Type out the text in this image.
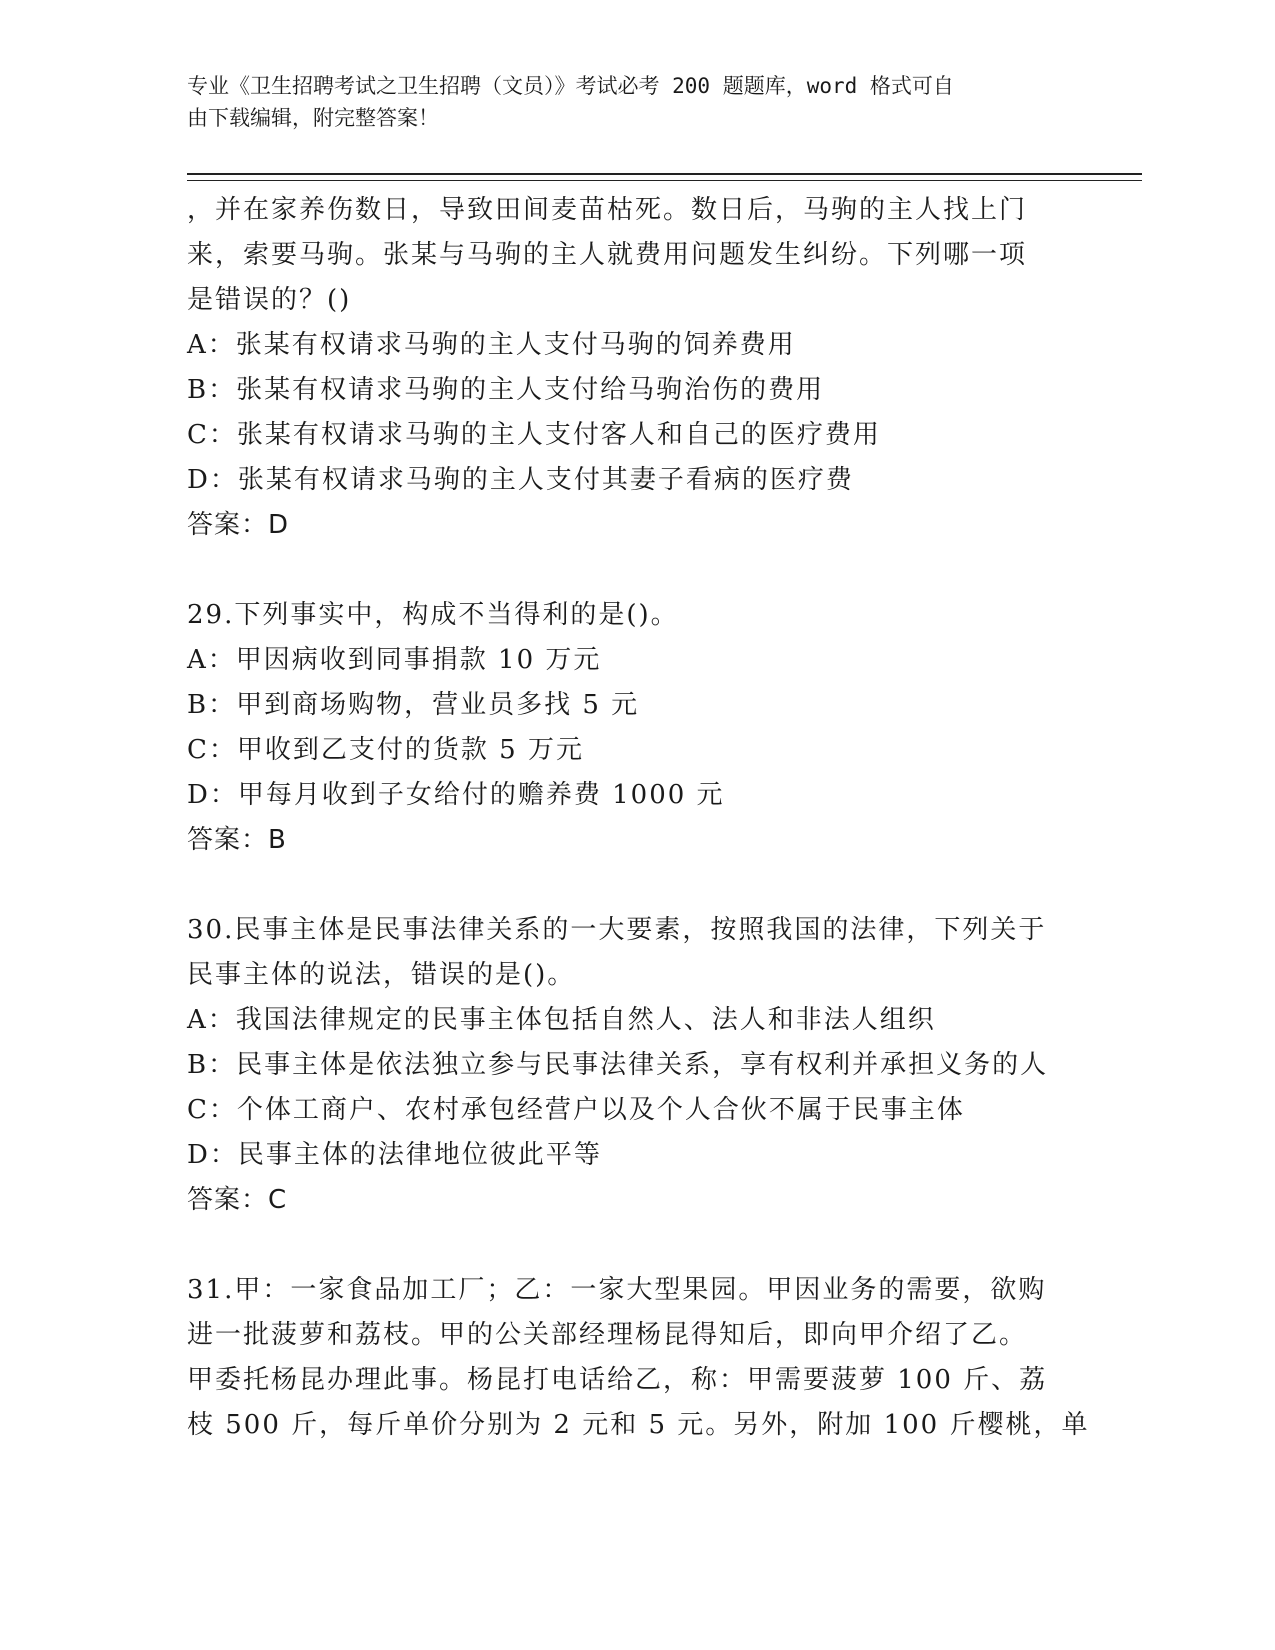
专业《卫生招聘考试之卫生招聘（文员）》考试必考 200 题题库，word 格式可自
由下载编辑，附完整答案！
，并在家养伤数日，导致田间麦苗枯死。数日后，马驹的主人找上门
来，索要马驹。张某与马驹的主人就费用问题发生纠纷。下列哪一项
是错误的？()
A：张某有权请求马驹的主人支付马驹的饲养费用
B：张某有权请求马驹的主人支付给马驹治伤的费用
C：张某有权请求马驹的主人支付客人和自己的医疗费用
D：张某有权请求马驹的主人支付其妻子看病的医疗费
答案：D
29.下列事实中，构成不当得利的是()。
A：甲因病收到同事捐款 10 万元
B：甲到商场购物，营业员多找 5 元
C：甲收到乙支付的货款 5 万元
D：甲每月收到子女给付的赡养费 1000 元
答案：B
30.民事主体是民事法律关系的一大要素，按照我国的法律，下列关于
民事主体的说法，错误的是()。
A：我国法律规定的民事主体包括自然人、法人和非法人组织
B：民事主体是依法独立参与民事法律关系，享有权利并承担义务的人
C：个体工商户、农村承包经营户以及个人合伙不属于民事主体
D：民事主体的法律地位彼此平等
答案：C
31.甲：一家食品加工厂；乙：一家大型果园。甲因业务的需要，欲购
进一批菠萝和荔枝。甲的公关部经理杨昆得知后，即向甲介绍了乙。
甲委托杨昆办理此事。杨昆打电话给乙，称：甲需要菠萝 100 斤、荔
枝 500 斤，每斤单价分别为 2 元和 5 元。另外，附加 100 斤樱桃，单
